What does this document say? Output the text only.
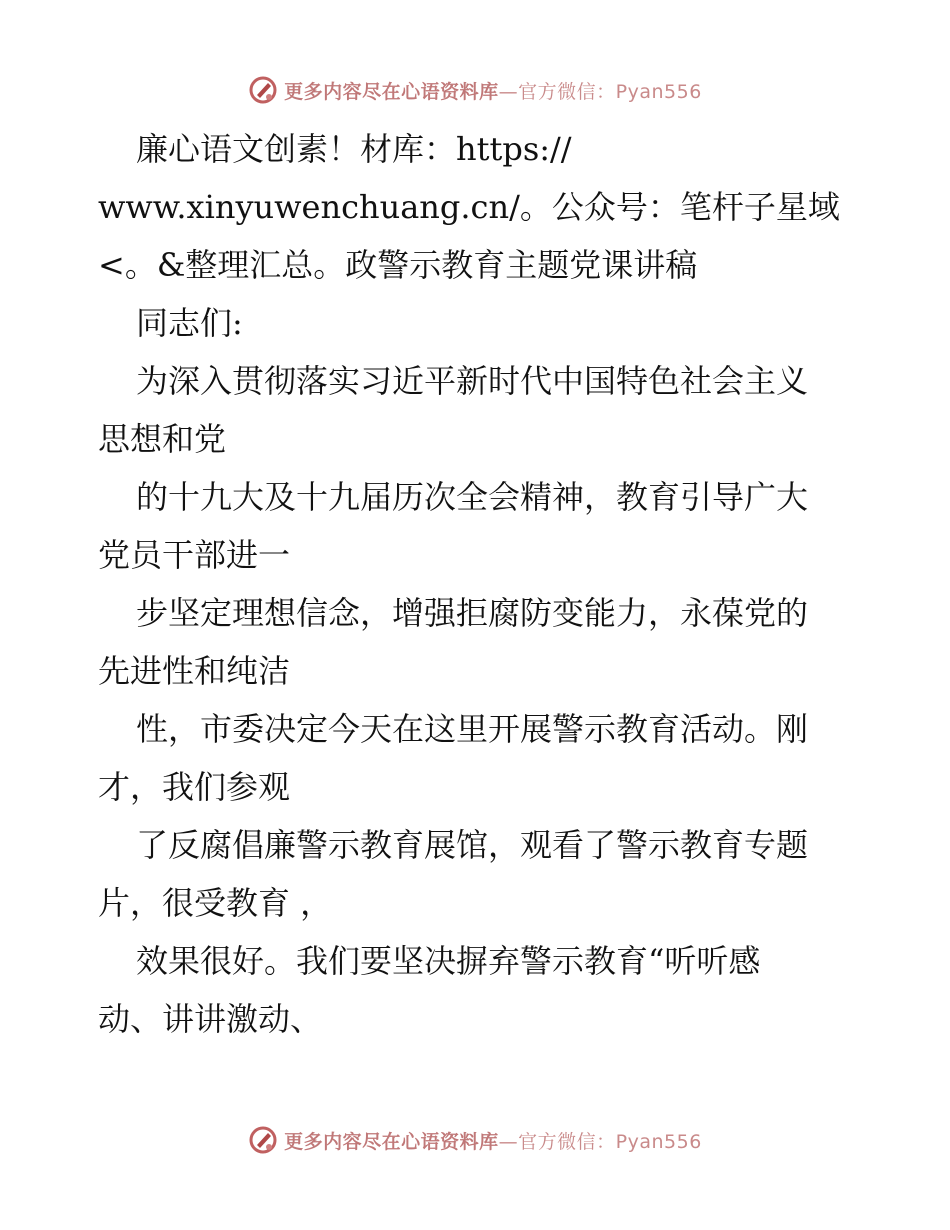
更多内容尽在心语资料库—官方微信：Pyan556
廉心语文创素！材库：https://
www.xinyuwenchuang.cn/。公众号：笔杆子星域
<。&整理汇总。政警示教育主题党课讲稿
同志们:
为深入贯彻落实习近平新时代中国特色社会主义
思想和党
的十九大及十九届历次全会精神，教育引导广大
党员干部进一
步坚定理想信念，增强拒腐防变能力，永葆党的
先进性和纯洁
性，市委决定今天在这里开展警示教育活动。刚
才，我们参观
了反腐倡廉警示教育展馆，观看了警示教育专题
片，很受教育 ，
效果很好。我们要坚决摒弃警示教育“听听感
动、讲讲激动、
更多内容尽在心语资料库—官方微信：Pyan556
